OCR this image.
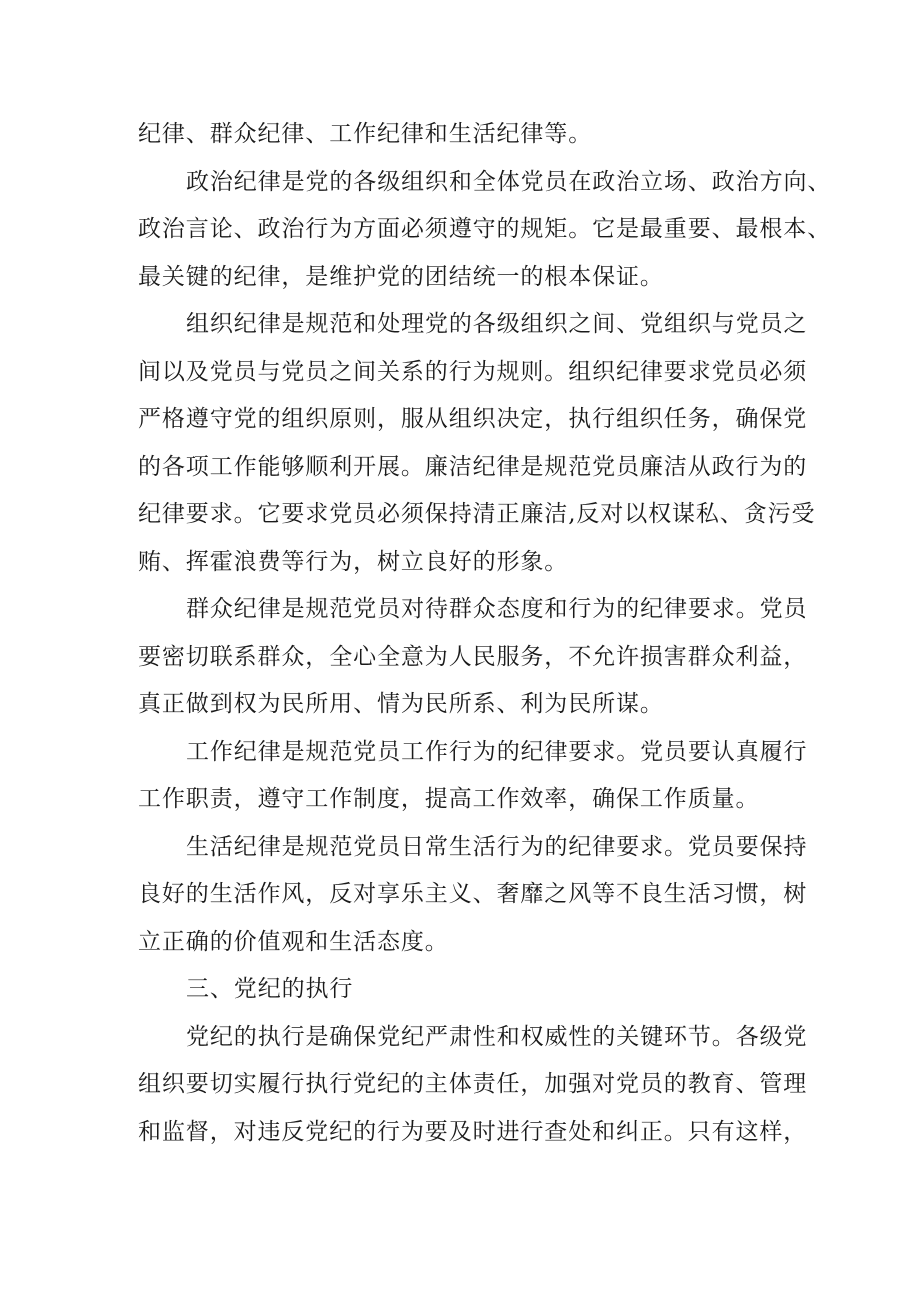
纪律、群众纪律、工作纪律和生活纪律等。
政治纪律是党的各级组织和全体党员在政治立场、政治方向、
政治言论、政治行为方面必须遵守的规矩。它是最重要、最根本、
最关键的纪律，是维护党的团结统一的根本保证。
组织纪律是规范和处理党的各级组织之间、党组织与党员之
间以及党员与党员之间关系的行为规则。组织纪律要求党员必须
严格遵守党的组织原则，服从组织决定，执行组织任务，确保党
的各项工作能够顺利开展。廉洁纪律是规范党员廉洁从政行为的
纪律要求。它要求党员必须保持清正廉洁,反对以权谋私、贪污受
贿、挥霍浪费等行为，树立良好的形象。
群众纪律是规范党员对待群众态度和行为的纪律要求。党员
要密切联系群众，全心全意为人民服务，不允许损害群众利益，
真正做到权为民所用、情为民所系、利为民所谋。
工作纪律是规范党员工作行为的纪律要求。党员要认真履行
工作职责，遵守工作制度，提高工作效率，确保工作质量。
生活纪律是规范党员日常生活行为的纪律要求。党员要保持
良好的生活作风，反对享乐主义、奢靡之风等不良生活习惯，树
立正确的价值观和生活态度。
三、党纪的执行
党纪的执行是确保党纪严肃性和权威性的关键环节。各级党
组织要切实履行执行党纪的主体责任，加强对党员的教育、管理
和监督，对违反党纪的行为要及时进行查处和纠正。只有这样，
